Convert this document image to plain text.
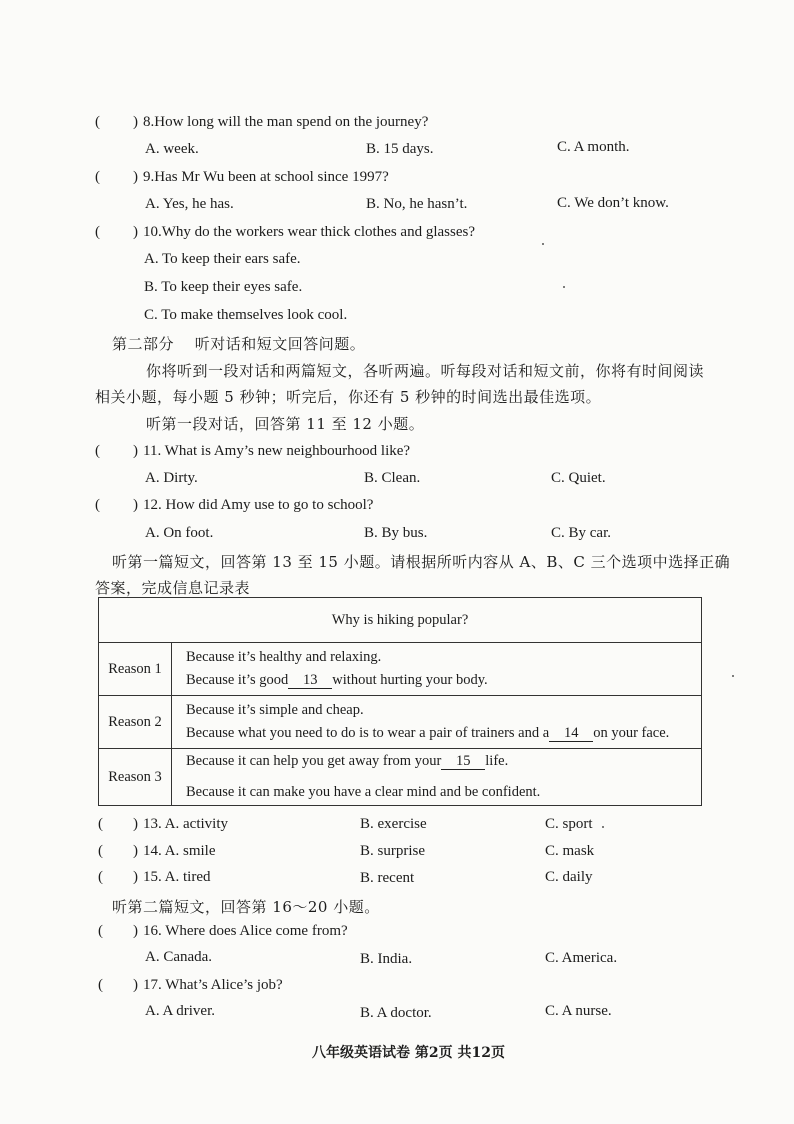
( ) 8.How long will the man spend on the journey?
A. week.	B. 15 days.	C. A month.
( ) 9.Has Mr Wu been at school since 1997?
A. Yes, he has.	B. No, he hasn’t.	C. We don’t know.
( ) 10.Why do the workers wear thick clothes and glasses?
A. To keep their ears safe.
B. To keep their eyes safe.
C. To make themselves look cool.
第二部分　 听对话和短文回答问题。
你将听到一段对话和两篇短文，各听两遍。听每段对话和短文前，你将有时间阅读
相关小题，每小题 5 秒钟；听完后，你还有 5 秒钟的时间选出最佳选项。
听第一段对话，回答第 11 至 12 小题。
( ) 11. What is Amy’s new neighbourhood like?
A. Dirty.	B. Clean.	C. Quiet.
( ) 12. How did Amy use to go to school?
A. On foot.	B. By bus.	C. By car.
听第一篇短文，回答第 13 至 15 小题。请根据所听内容从 A、B、C 三个选项中选择正确
答案，完成信息记录表
Why is hiking popular?	
Reason 1	Because it’s healthy and relaxing.
Because it’s good 13 without hurting your body.

Reason 2	Because it’s simple and cheap.
Because what you need to do is to wear a pair of trainers and a 14 on your face.

Reason 3	Because it can help you get away from your 15 life.
Because it can make you have a clear mind and be confident.
( ) 13. A. activity	B. exercise	C. sport
( ) 14. A. smile	B. surprise	C. mask
( ) 15. A. tired	B. recent	C. daily
听第二篇短文，回答第 16～20 小题。
( ) 16. Where does Alice come from?
A. Canada.	B. India.	C. America.
( ) 17. What’s Alice’s job?
A. A driver.	B. A doctor.	C. A nurse.
八年级英语试卷 第2页 共12页
